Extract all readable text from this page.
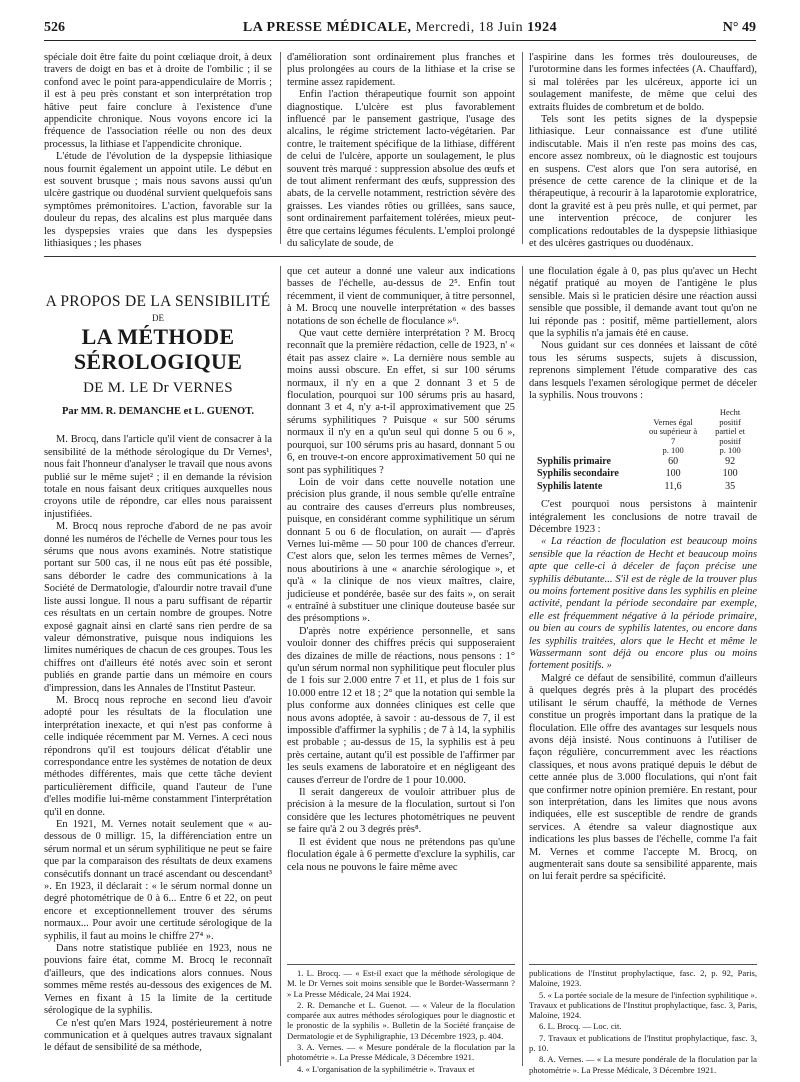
526	LA PRESSE MÉDICALE, Mercredi, 18 Juin 1924	N° 49

spéciale doit être faite du point cœliaque droit, à deux travers de doigt en bas et à droite de l'ombilic ; il se confond avec le point para-appendiculaire de Morris ; il est à peu près constant et son interprétation trop hâtive peut faire conclure à l'existence d'une appendicite chronique. Nous voyons encore ici la fréquence de l'association réelle ou non des deux processus, la lithiase et l'appendicite chronique.

L'étude de l'évolution de la dyspepsie lithiasique nous fournit également un appoint utile. Le début en est souvent brusque ; mais nous savons aussi qu'un ulcère gastrique ou duodénal survient quelquefois sans symptômes prémonitoires. L'action, favorable sur la douleur du repas, des alcalins est plus marquée dans les dyspepsies vraies que dans les dyspepsies lithiasiques ; les phases

d'amélioration sont ordinairement plus franches et plus prolongées au cours de la lithiase et la crise se termine assez rapidement.

Enfin l'action thérapeutique fournit son appoint diagnostique. L'ulcère est plus favorablement influencé par le pansement gastrique, l'usage des alcalins, le régime strictement lacto-végétarien. Par contre, le traitement spécifique de la lithiase, différent de celui de l'ulcère, apporte un soulagement, le plus souvent très marqué : suppression absolue des œufs et de tout aliment renfermant des œufs, suppression des abats, de la cervelle notamment, restriction sévère des graisses. Les viandes rôties ou grillées, sans sauce, sont ordinairement parfaitement tolérées, mieux peut-être que certains légumes féculents. L'emploi prolongé du salicylate de soude, de

l'aspirine dans les formes très douloureuses, de l'urotormine dans les formes infectées (A. Chauffard), si mal tolérées par les ulcéreux, apporte ici un soulagement manifeste, de même que celui des extraits fluides de combretum et de boldo.

Tels sont les petits signes de la dyspepsie lithiasique. Leur connaissance est d'une utilité indiscutable. Mais il n'en reste pas moins des cas, encore assez nombreux, où le diagnostic est toujours en suspens. C'est alors que l'on sera autorisé, en présence de cette carence de la clinique et de la thérapeutique, à recourir à la laparotomie exploratrice, dont la gravité est à peu près nulle, et qui permet, par une intervention précoce, de conjurer les complications redoutables de la dyspepsie lithiasique et des ulcères gastriques ou duodénaux.

A PROPOS DE LA SENSIBILITÉ
DE
LA MÉTHODE SÉROLOGIQUE
DE M. LE Dr VERNES
Par MM. R. DEMANCHE et L. GUENOT.

M. Brocq, dans l'article qu'il vient de consacrer à la sensibilité de la méthode sérologique du Dr Vernes¹, nous fait l'honneur d'analyser le travail que nous avons publié sur le même sujet² ; il en demande la révision totale en nous faisant deux critiques auxquelles nous croyons utile de répondre, car elles nous paraissent injustifiées.

M. Brocq nous reproche d'abord de ne pas avoir donné les numéros de l'échelle de Vernes pour tous les sérums que nous avons examinés. Notre statistique portant sur 500 cas, il ne nous eût pas été possible, sans déborder le cadre des communications à la Société de Dermatologie, d'alourdir notre travail d'une liste aussi longue. Il nous a paru suffisant de répartir ces résultats en un certain nombre de groupes. Notre exposé gagnait ainsi en clarté sans rien perdre de sa valeur démonstrative, puisque nous indiquions les limites numériques de chacun de ces groupes. Tous les chiffres ont d'ailleurs été notés avec soin et seront publiés en grande partie dans un mémoire en cours d'impression, dans les Annales de l'Institut Pasteur.

M. Brocq nous reproche en second lieu d'avoir adopté pour les résultats de la floculation une interprétation inexacte, et qui n'est pas conforme à celle indiquée récemment par M. Vernes. A ceci nous répondrons qu'il est toujours délicat d'établir une correspondance entre les systèmes de notation de deux méthodes différentes, mais que cette tâche devient particulièrement difficile, quand l'auteur de l'une d'elles modifie lui-même constamment l'interprétation qu'il en donne.

En 1921, M. Vernes notait seulement que « au-dessous de 0 milligr. 15, la différenciation entre un sérum normal et un sérum syphilitique ne peut se faire que par la comparaison des résultats de deux examens consécutifs donnant un tracé ascendant ou descendant³ ». En 1923, il déclarait : « le sérum normal donne un degré photométrique de 0 à 6... Entre 6 et 22, on peut encore et exceptionnellement trouver des sérums normaux... Pour avoir une certitude sérologique de la syphilis, il faut au moins le chiffre 27⁴ ».

Dans notre statistique publiée en 1923, nous ne pouvions faire état, comme M. Brocq le reconnaît d'ailleurs, que des indications alors connues. Nous sommes même restés au-dessous des exigences de M. Vernes en fixant à 15 la limite de la certitude sérologique de la syphilis.

Ce n'est qu'en Mars 1924, postérieurement à notre communication et à quelques autres travaux signalant le défaut de sensibilité de sa méthode,

que cet auteur a donné une valeur aux indications basses de l'échelle, au-dessus de 2⁵. Enfin tout récemment, il vient de communiquer, à titre personnel, à M. Brocq une nouvelle interprétation « des basses notations de son échelle de floculance »⁶.

Que vaut cette dernière interprétation ? M. Brocq reconnaît que la première rédaction, celle de 1923, n' « était pas assez claire ». La dernière nous semble au moins aussi obscure. En effet, si sur 100 sérums normaux, il n'y en a que 2 donnant 3 et 5 de floculation, pourquoi sur 100 sérums pris au hasard, donnant 3 et 4, n'y a-t-il approximativement que 25 sérums syphilitiques ? Puisque « sur 500 sérums normaux il n'y en a qu'un seul qui donne 5 ou 6 », pourquoi, sur 100 sérums pris au hasard, donnant 5 ou 6, en trouve-t-on encore approximativement 50 qui ne sont pas syphilitiques ?

Loin de voir dans cette nouvelle notation une précision plus grande, il nous semble qu'elle entraîne au contraire des causes d'erreurs plus nombreuses, puisque, en considérant comme syphilitique un sérum donnant 5 ou 6 de floculation, on aurait — d'après Vernes lui-même — 50 pour 100 de chances d'erreur. C'est alors que, selon les termes mêmes de Vernes⁷, nous aboutirions à une « anarchie sérologique », et qu'à « la clinique de nos vieux maîtres, claire, judicieuse et pondérée, basée sur des faits », on serait « entraîné à substituer une clinique douteuse basée sur des présomptions ».

D'après notre expérience personnelle, et sans vouloir donner des chiffres précis qui supposeraient des dizaines de mille de réactions, nous pensons : 1° qu'un sérum normal non syphilitique peut floculer plus de 1 fois sur 2.000 entre 7 et 11, et plus de 1 fois sur 10.000 entre 12 et 18 ; 2° que la notation qui semble la plus conforme aux données cliniques est celle que nous avons adoptée, à savoir : au-dessous de 7, il est impossible d'affirmer la syphilis ; de 7 à 14, la syphilis est probable ; au-dessus de 15, la syphilis est à peu près certaine, autant qu'il est possible de l'affirmer par les seuls examens de laboratoire et en négligeant des causes d'erreur de l'ordre de 1 pour 10.000.

Il serait dangereux de vouloir attribuer plus de précision à la mesure de la floculation, surtout si l'on considère que les lectures photométriques ne peuvent se faire qu'à 2 ou 3 degrés près⁸.

Il est évident que nous ne prétendons pas qu'une floculation égale à 6 permette d'exclure la syphilis, car cela nous ne pouvons le faire même avec

une floculation égale à 0, pas plus qu'avec un Hecht négatif pratiqué au moyen de l'antigène le plus sensible. Mais si le praticien désire une réaction aussi sensible que possible, il demande avant tout qu'on ne lui réponde pas : positif, même partiellement, alors que la syphilis n'a jamais été en cause.

Nous guidant sur ces données et laissant de côté tous les sérums suspects, sujets à discussion, reprenons simplement l'étude comparative des cas dans lesquels l'examen sérologique permet de déceler la syphilis. Nous trouvons :

	Vernes égal ou supérieur à 7	Hecht positif partiel et positif
	p. 100	p. 100
Syphilis primaire	60	92
Syphilis secondaire	100	100
Syphilis latente	11,6	35

C'est pourquoi nous persistons à maintenir intégralement les conclusions de notre travail de Décembre 1923 :

« La réaction de floculation est beaucoup moins sensible que la réaction de Hecht et beaucoup moins apte que celle-ci à déceler de façon précise une syphilis débutante... S'il est de règle de la trouver plus ou moins fortement positive dans les syphilis en pleine activité, pendant la période secondaire par exemple, elle est fréquemment négative à la période primaire, ou bien au cours de syphilis latentes, ou encore dans les syphilis traitées, alors que le Hecht et même le Wassermann sont déjà ou encore plus ou moins fortement positifs. »

Malgré ce défaut de sensibilité, commun d'ailleurs à quelques degrés près à la plupart des procédés utilisant le sérum chauffé, la méthode de Vernes constitue un progrès important dans la pratique de la floculation. Elle offre des avantages sur lesquels nous avons déjà insisté. Nous continuons à l'utiliser de façon régulière, concurremment avec les réactions classiques, et nous avons pratiqué depuis le début de cette année plus de 3.000 floculations, qui n'ont fait que confirmer notre opinion première. En restant, pour son interprétation, dans les limites que nous avons indiquées, elle est susceptible de rendre de grands services. A étendre sa valeur diagnostique aux indications les plus basses de l'échelle, comme l'a fait M. Vernes et comme l'accepte M. Brocq, on augmenterait sans doute sa sensibilité apparente, mais on lui ferait perdre sa spécificité.

1. L. Brocq. — « Est-il exact que la méthode sérologique de M. le Dr Vernes soit moins sensible que le Bordet-Wassermann ? » La Presse Médicale, 24 Mai 1924.

2. R. Demanche et L. Guenot. — « Valeur de la floculation comparée aux autres méthodes sérologiques pour le diagnostic et le pronostic de la syphilis ». Bulletin de la Société française de Dermatologie et de Syphiligraphie, 13 Décembre 1923, p. 404.

3. A. Vernes. — « Mesure pondérale de la floculation par la photométrie ». La Presse Médicale, 3 Décembre 1921.

4. « L'organisation de la syphilimétrie ». Travaux et

publications de l'Institut prophylactique, fasc. 2, p. 92, Paris, Maloine, 1923.

5. « La portée sociale de la mesure de l'infection syphilitique ». Travaux et publications de l'Institut prophylactique, fasc. 3, Paris, Maloine, 1924.

6. L. Brocq. — Loc. cit.

7. Travaux et publications de l'Institut prophylactique, fasc. 3, p. 10.

8. A. Vernes. — « La mesure pondérale de la floculation par la photométrie ». La Presse Médicale, 3 Décembre 1921.
